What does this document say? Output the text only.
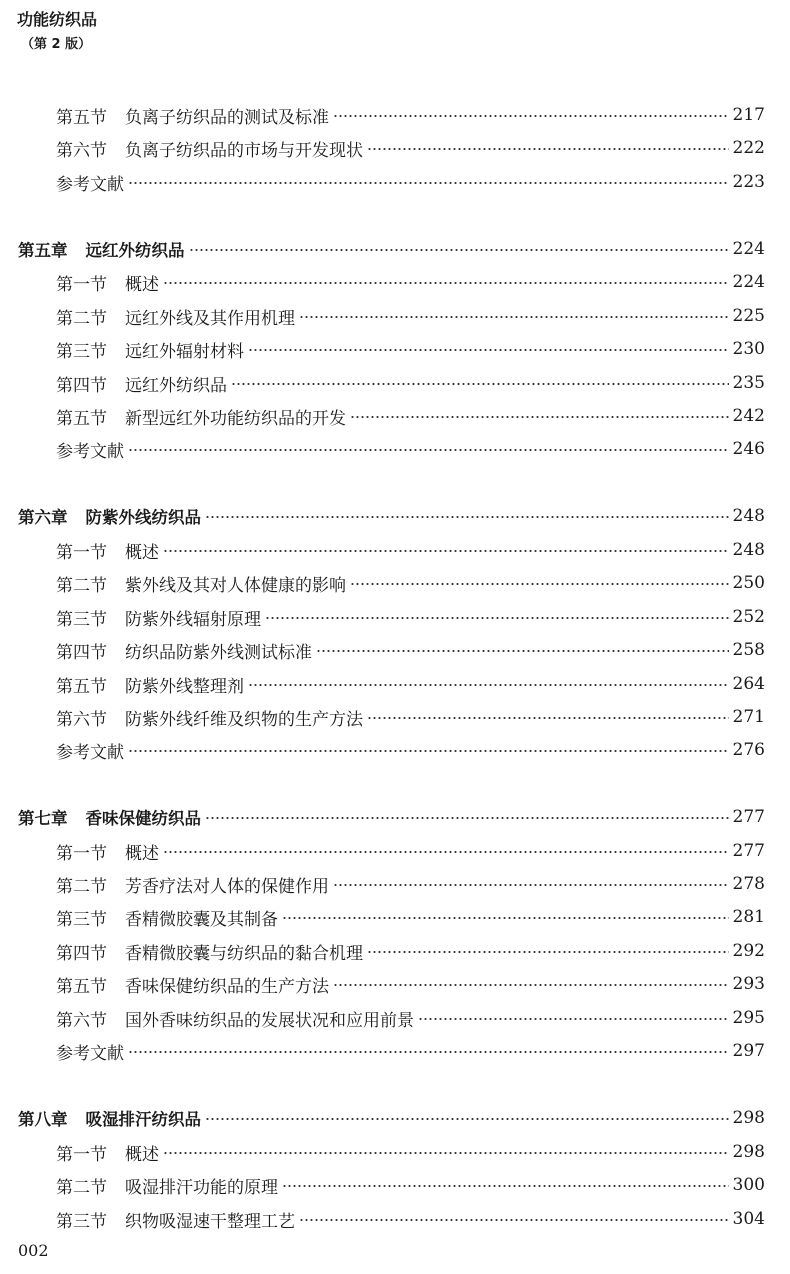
功能纺织品
（第 2 版）
第五节 负离子纺织品的测试及标准	217
第六节 负离子纺织品的市场与开发现状	222
参考文献	223
第五章 远红外纺织品	224
第一节 概述	224
第二节 远红外线及其作用机理	225
第三节 远红外辐射材料	230
第四节 远红外纺织品	235
第五节 新型远红外功能纺织品的开发	242
参考文献	246
第六章 防紫外线纺织品	248
第一节 概述	248
第二节 紫外线及其对人体健康的影响	250
第三节 防紫外线辐射原理	252
第四节 纺织品防紫外线测试标准	258
第五节 防紫外线整理剂	264
第六节 防紫外线纤维及织物的生产方法	271
参考文献	276
第七章 香味保健纺织品	277
第一节 概述	277
第二节 芳香疗法对人体的保健作用	278
第三节 香精微胶囊及其制备	281
第四节 香精微胶囊与纺织品的黏合机理	292
第五节 香味保健纺织品的生产方法	293
第六节 国外香味纺织品的发展状况和应用前景	295
参考文献	297
第八章 吸湿排汗纺织品	298
第一节 概述	298
第二节 吸湿排汗功能的原理	300
第三节 织物吸湿速干整理工艺	304
002
